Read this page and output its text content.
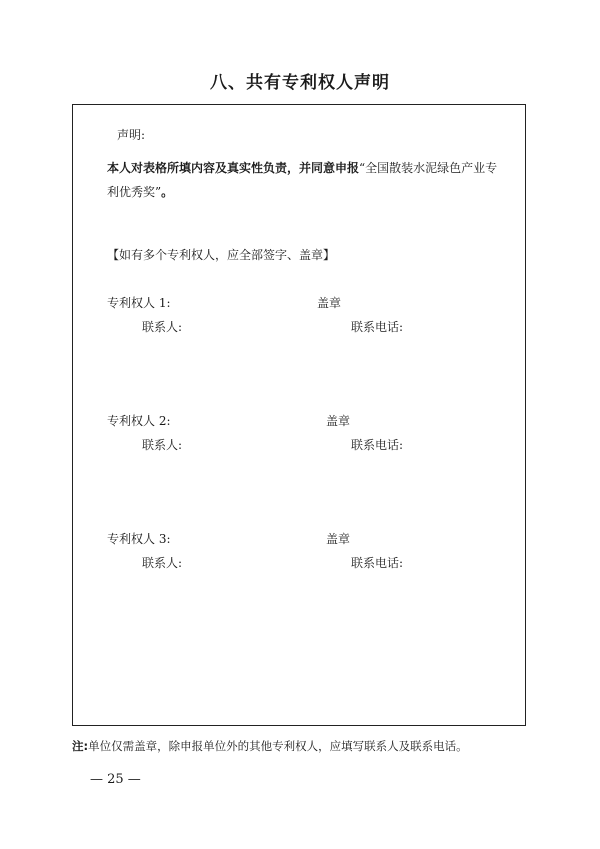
八、共有专利权人声明
声明:
本人对表格所填内容及真实性负责，并同意申报“全国散装水泥绿色产业专利优秀奖”。
【如有多个专利权人，应全部签字、盖章】
专利权人 1:	盖章
联系人:	联系电话:
专利权人 2:	盖章
联系人:	联系电话:
专利权人 3:	盖章
联系人:	联系电话:
注:单位仅需盖章，除申报单位外的其他专利权人，应填写联系人及联系电话。
— 25 —
